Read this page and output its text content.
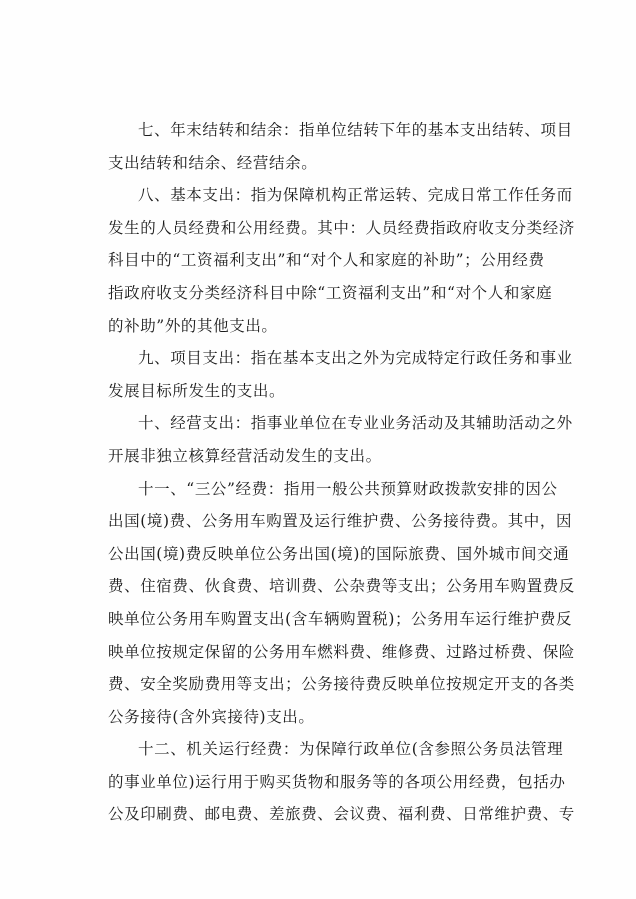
七、年末结转和结余：指单位结转下年的基本支出结转、项目
支出结转和结余、经营结余。
八、基本支出：指为保障机构正常运转、完成日常工作任务而
发生的人员经费和公用经费。其中：人员经费指政府收支分类经济
科目中的“工资福利支出”和“对个人和家庭的补助”；公用经费
指政府收支分类经济科目中除“工资福利支出”和“对个人和家庭
的补助”外的其他支出。
九、项目支出：指在基本支出之外为完成特定行政任务和事业
发展目标所发生的支出。
十、经营支出：指事业单位在专业业务活动及其辅助活动之外
开展非独立核算经营活动发生的支出。
十一、“三公”经费：指用一般公共预算财政拨款安排的因公
出国(境)费、公务用车购置及运行维护费、公务接待费。其中，因
公出国(境)费反映单位公务出国(境)的国际旅费、国外城市间交通
费、住宿费、伙食费、培训费、公杂费等支出；公务用车购置费反
映单位公务用车购置支出(含车辆购置税)；公务用车运行维护费反
映单位按规定保留的公务用车燃料费、维修费、过路过桥费、保险
费、安全奖励费用等支出；公务接待费反映单位按规定开支的各类
公务接待(含外宾接待)支出。
十二、机关运行经费：为保障行政单位(含参照公务员法管理
的事业单位)运行用于购买货物和服务等的各项公用经费，包括办
公及印刷费、邮电费、差旅费、会议费、福利费、日常维护费、专
